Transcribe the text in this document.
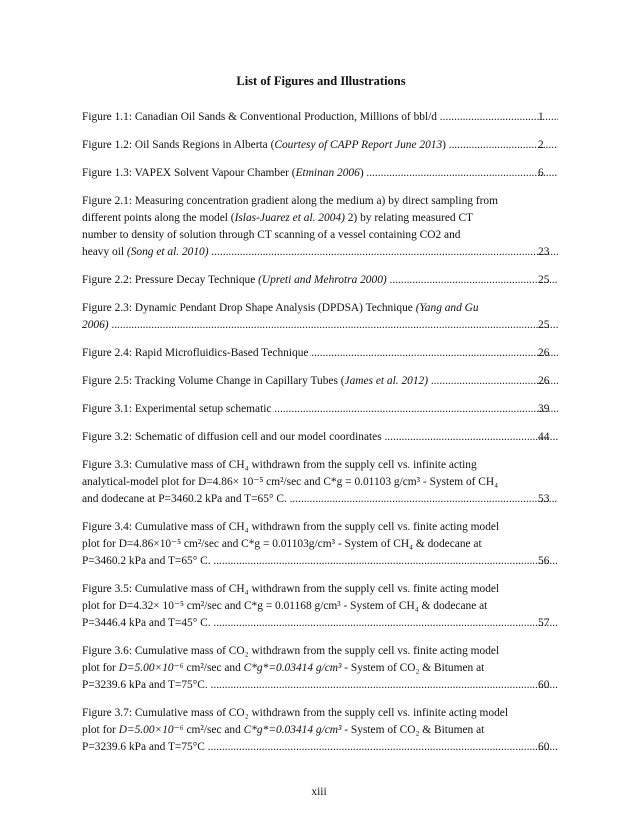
List of Figures and Illustrations
Figure 1.1: Canadian Oil Sands & Conventional Production, Millions of bbl/d .....	1
Figure 1.2: Oil Sands Regions in Alberta (Courtesy of CAPP Report June 2013) .....	2
Figure 1.3: VAPEX Solvent Vapour Chamber (Etminan 2006) .....	6
Figure 2.1: Measuring concentration gradient along the medium a) by direct sampling from
different points along the model (Islas-Juarez et al. 2004) 2) by relating measured CT
number to density of solution through CT scanning of a vessel containing CO2 and
heavy oil (Song et al. 2010) .....	23
Figure 2.2: Pressure Decay Technique (Upreti and Mehrotra 2000) .....	25
Figure 2.3: Dynamic Pendant Drop Shape Analysis (DPDSA) Technique (Yang and Gu
2006) .....	25
Figure 2.4: Rapid Microfluidics-Based Technique .....	26
Figure 2.5: Tracking Volume Change in Capillary Tubes (James et al. 2012) .....	26
Figure 3.1: Experimental setup schematic .....	39
Figure 3.2: Schematic of diffusion cell and our model coordinates .....	44
Figure 3.3: Cumulative mass of CH₄ withdrawn from the supply cell vs. infinite acting
analytical-model plot for D=4.86× 10⁻⁵ cm²/sec and C*g = 0.01103 g/cm³ - System of CH₄
and dodecane at P=3460.2 kPa and T=65° C. .....	53
Figure 3.4: Cumulative mass of CH₄ withdrawn from the supply cell vs. finite acting model
plot for D=4.86×10⁻⁵ cm²/sec and C*g = 0.01103g/cm³ - System of CH₄ & dodecane at
P=3460.2 kPa and T=65° C. .....	56
Figure 3.5: Cumulative mass of CH₄ withdrawn from the supply cell vs. finite acting model
plot for D=4.32× 10⁻⁵ cm²/sec and C*g = 0.01168 g/cm³ - System of CH₄ & dodecane at
P=3446.4 kPa and T=45° C. .....	57
Figure 3.6: Cumulative mass of CO₂ withdrawn from the supply cell vs. finite acting model
plot for D=5.00×10⁻⁶ cm²/sec and C*g*=0.03414 g/cm³ - System of CO₂ & Bitumen at
P=3239.6 kPa and T=75°C. .....	60
Figure 3.7: Cumulative mass of CO₂ withdrawn from the supply cell vs. infinite acting model
plot for D=5.00×10⁻⁶ cm²/sec and C*g*=0.03414 g/cm³ - System of CO₂ & Bitumen at
P=3239.6 kPa and T=75°C .....	60
xiii
